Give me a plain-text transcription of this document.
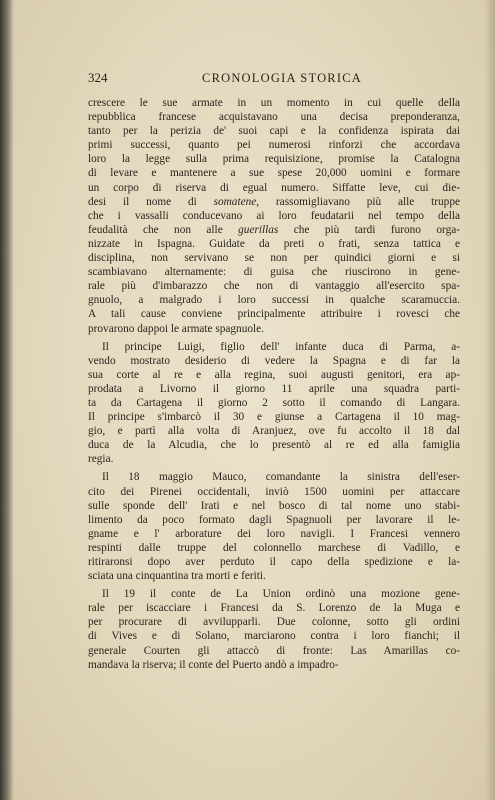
324	CRONOLOGIA STORICA
crescere le sue armate in un momento in cui quelle della
repubblica francese acquistavano una decisa preponderanza,
tanto per la perizia de' suoi capi e la confidenza ispirata dai
primi successi, quanto pei numerosi rinforzi che accordava
loro la legge sulla prima requisizione, promise la Catalogna
di levare e mantenere a sue spese 20,000 uomini e formare
un corpo di riserva di egual numero. Siffatte leve, cui die-
desi il nome di somatene, rassomigliavano più alle truppe
che i vassalli conducevano ai loro feudatarii nel tempo della
feudalità che non alle guerillas che più tardi furono orga-
nizzate in Ispagna. Guidate da preti o frati, senza tattica e
disciplina, non servivano se non per quindici giorni e si
scambiavano alternamente: di guisa che riuscirono in gene-
rale più d'imbarazzo che non di vantaggio all'esercito spa-
gnuolo, a malgrado i loro successi in qualche scaramuccia.
A tali cause conviene principalmente attribuire i rovesci che
provarono dappoi le armate spagnuole.
Il principe Luigi, figlio dell' infante duca di Parma, a-
vendo mostrato desiderio di vedere la Spagna e di far la
sua corte al re e alla regina, suoi augusti genitori, era ap-
prodata a Livorno il giorno 11 aprile una squadra parti-
ta da Cartagena il giorno 2 sotto il comando di Langara.
Il principe s'imbarcò il 30 e giunse a Cartagena il 10 mag-
gio, e partì alla volta di Aranjuez, ove fu accolto il 18 dal
duca de la Alcudia, che lo presentò al re ed alla famiglia
regia.
Il 18 maggio Mauco, comandante la sinistra dell'eser-
cito dei Pirenei occidentali, inviò 1500 uomini per attaccare
sulle sponde dell' Irati e nel bosco di tal nome uno stabi-
limento da poco formato dagli Spagnuoli per lavorare il le-
gname e l' arborature dei loro navigli. I Francesi vennero
respinti dalle truppe del colonnello marchese di Vadillo, e
ritiraronsi dopo aver perduto il capo della spedizione e la-
sciata una cinquantina tra morti e feriti.
Il 19 il conte de La Union ordinò una mozione gene-
rale per iscacciare i Francesi da S. Lorenzo de la Muga e
per procurare di avvilupparli. Due colonne, sotto gli ordini
di Vives e di Solano, marciarono contra i loro fianchi; il
generale Courten gli attaccò di fronte: Las Amarillas co-
mandava la riserva; il conte del Puerto andò a impadro-
